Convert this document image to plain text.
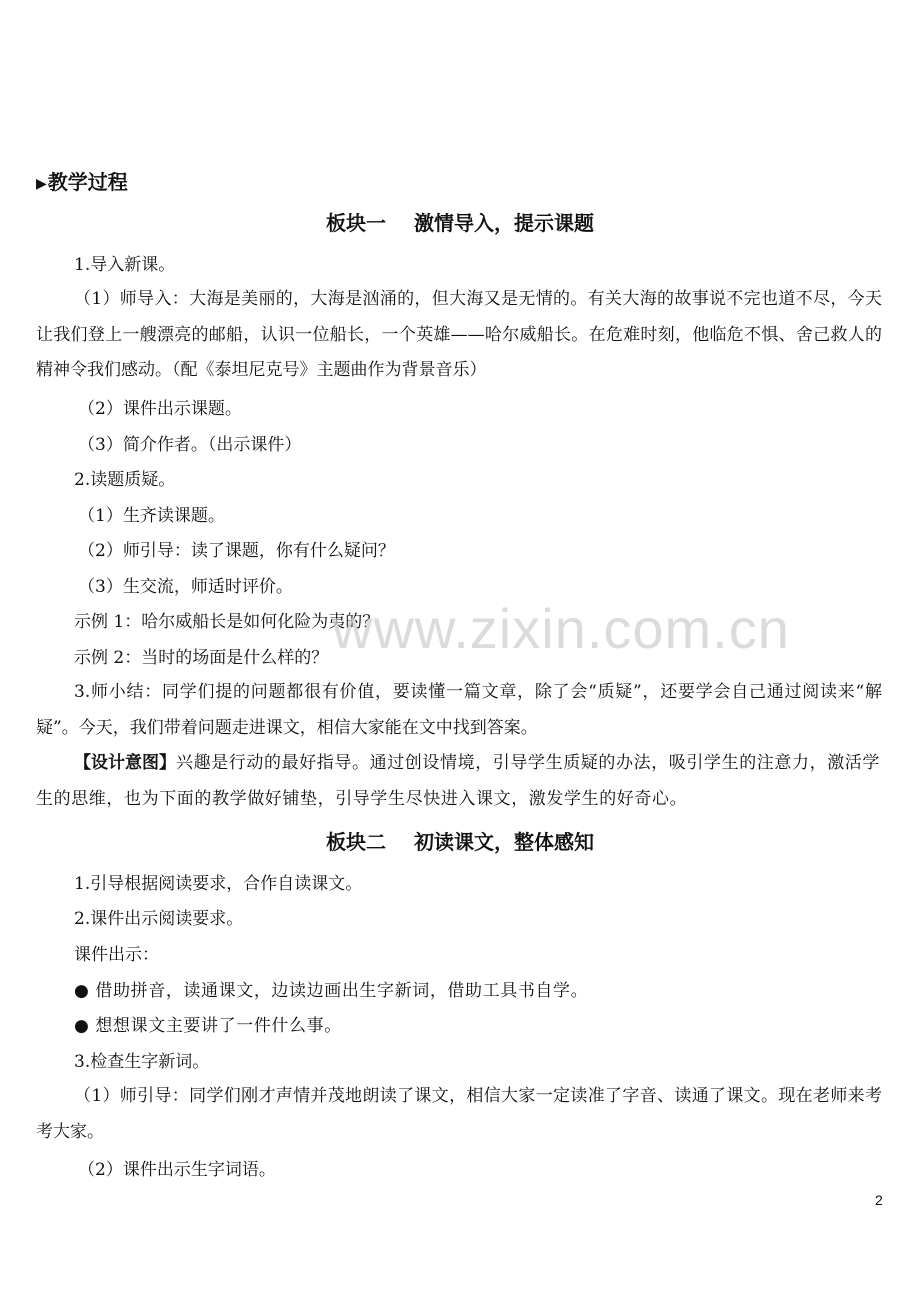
▶教学过程
板块一 激情导入，提示课题
1.导入新课。
（1）师导入：大海是美丽的，大海是汹涌的，但大海又是无情的。有关大海的故事说不完也道不尽，今天让我们登上一艘漂亮的邮船，认识一位船长，一个英雄——哈尔威船长。在危难时刻，他临危不惧、舍己救人的精神令我们感动。（配《泰坦尼克号》主题曲作为背景音乐）
（2）课件出示课题。
（3）简介作者。（出示课件）
2.读题质疑。
（1）生齐读课题。
（2）师引导：读了课题，你有什么疑问？
（3）生交流，师适时评价。
示例 1：哈尔威船长是如何化险为夷的？
示例 2：当时的场面是什么样的？
3.师小结：同学们提的问题都很有价值，要读懂一篇文章，除了会“质疑”，还要学会自己通过阅读来“解疑”。今天，我们带着问题走进课文，相信大家能在文中找到答案。
【设计意图】兴趣是行动的最好指导。通过创设情境，引导学生质疑的办法，吸引学生的注意力，激活学生的思维，也为下面的教学做好铺垫，引导学生尽快进入课文，激发学生的好奇心。
板块二 初读课文，整体感知
1.引导根据阅读要求，合作自读课文。
2.课件出示阅读要求。
课件出示：
● 借助拼音，读通课文，边读边画出生字新词，借助工具书自学。
● 想想课文主要讲了一件什么事。
3.检查生字新词。
（1）师引导：同学们刚才声情并茂地朗读了课文，相信大家一定读准了字音、读通了课文。现在老师来考考大家。
（2）课件出示生字词语。
www.zixin.com.cn
2
